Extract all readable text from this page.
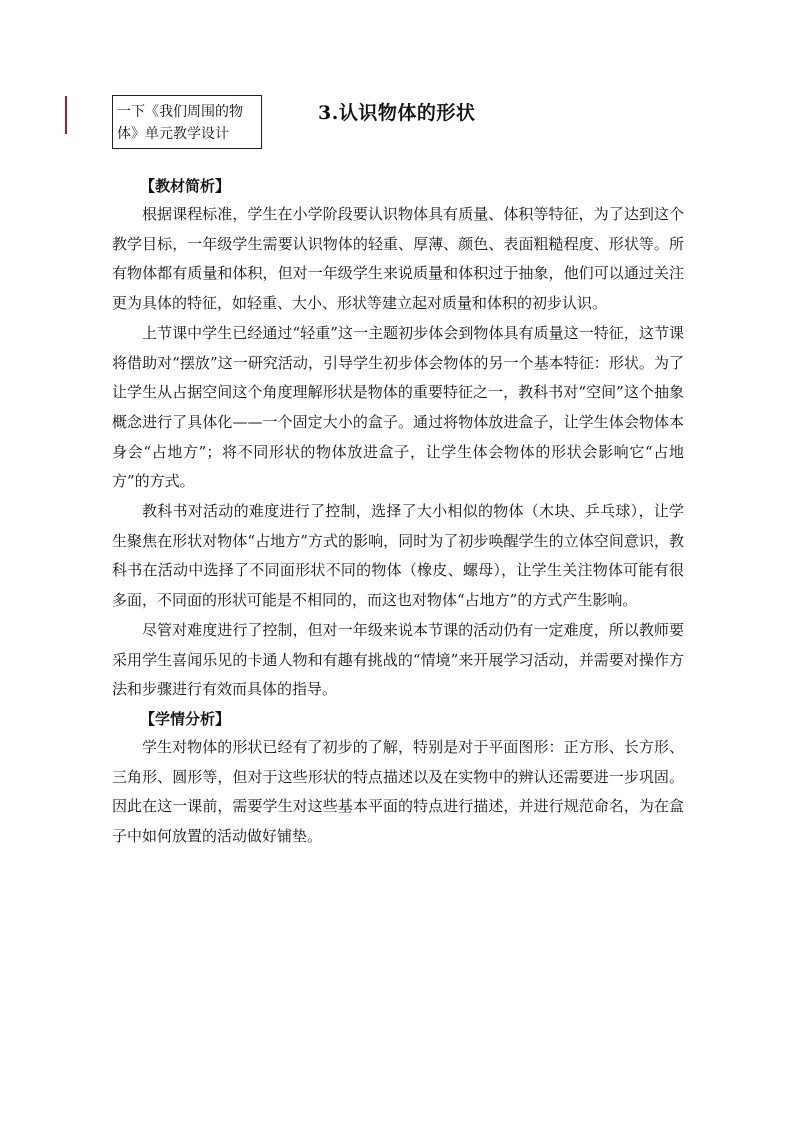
一下《我们周围的物
体》单元教学设计
3.认识物体的形状

【教材简析】

根据课程标准，学生在小学阶段要认识物体具有质量、体积等特征，为了达到这个教学目标，一年级学生需要认识物体的轻重、厚薄、颜色、表面粗糙程度、形状等。所有物体都有质量和体积，但对一年级学生来说质量和体积过于抽象，他们可以通过关注更为具体的特征，如轻重、大小、形状等建立起对质量和体积的初步认识。

上节课中学生已经通过“轻重”这一主题初步体会到物体具有质量这一特征，这节课将借助对“摆放”这一研究活动，引导学生初步体会物体的另一个基本特征：形状。为了让学生从占据空间这个角度理解形状是物体的重要特征之一，教科书对“空间”这个抽象概念进行了具体化——一个固定大小的盒子。通过将物体放进盒子，让学生体会物体本身会“占地方”；将不同形状的物体放进盒子，让学生体会物体的形状会影响它“占地方”的方式。

教科书对活动的难度进行了控制，选择了大小相似的物体（木块、乒乓球），让学生聚焦在形状对物体“占地方”方式的影响，同时为了初步唤醒学生的立体空间意识，教科书在活动中选择了不同面形状不同的物体（橡皮、螺母），让学生关注物体可能有很多面，不同面的形状可能是不相同的，而这也对物体“占地方”的方式产生影响。

尽管对难度进行了控制，但对一年级来说本节课的活动仍有一定难度，所以教师要采用学生喜闻乐见的卡通人物和有趣有挑战的“情境”来开展学习活动，并需要对操作方法和步骤进行有效而具体的指导。

【学情分析】

学生对物体的形状已经有了初步的了解，特别是对于平面图形：正方形、长方形、三角形、圆形等，但对于这些形状的特点描述以及在实物中的辨认还需要进一步巩固。因此在这一课前，需要学生对这些基本平面的特点进行描述，并进行规范命名，为在盒子中如何放置的活动做好铺垫。
